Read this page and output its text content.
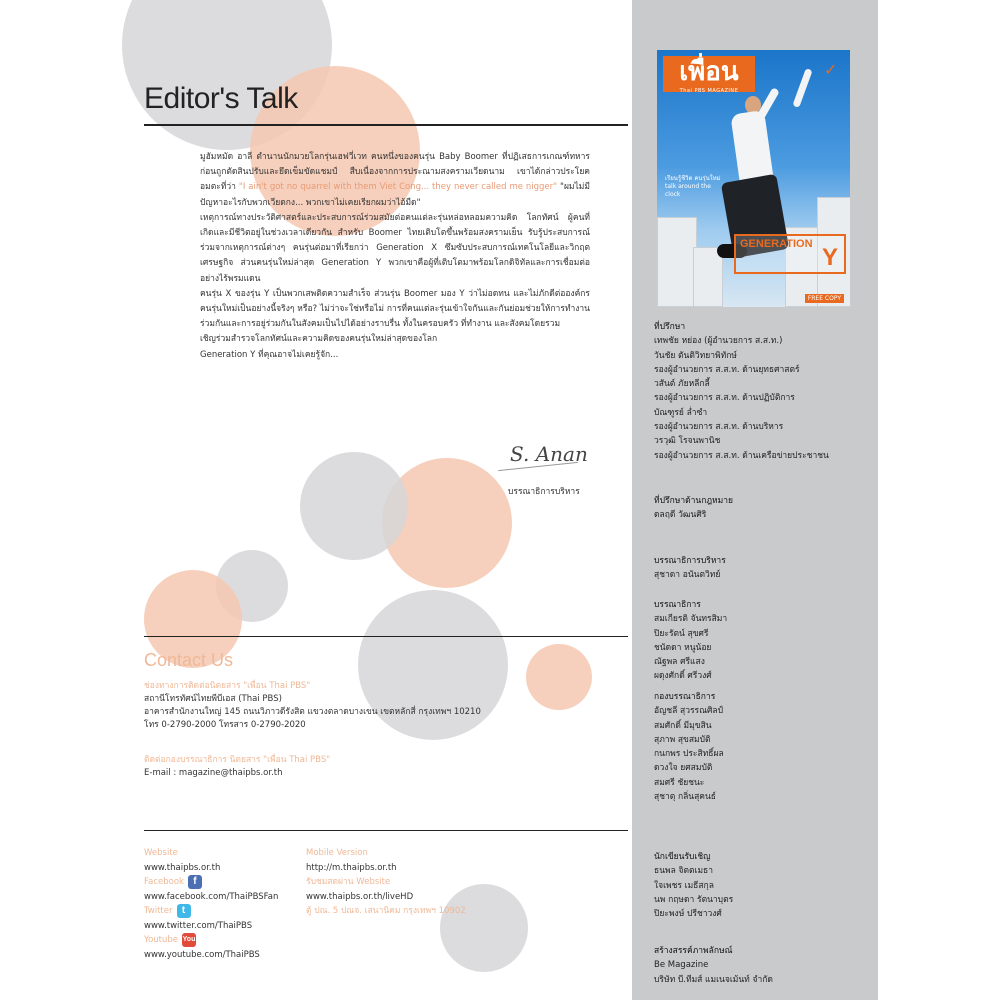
Editor's Talk

มูฮัมหมัด อาลี ตำนานนักมวยโลกรุ่นเฮฟวี่เวท คนหนึ่งของคนรุ่น Baby Boomer ที่ปฏิเสธการเกณฑ์ทหาร ก่อนถูกตัดสินปรับและยึดเข็มขัดแชมป์ สืบเนื่องจากการประณามสงครามเวียดนาม เขาได้กล่าวประโยคอมตะที่ว่า "I ain't got no quarrel with them Viet Cong... they never called me nigger" "ผมไม่มีปัญหาอะไรกับพวกเวียดกง... พวกเขาไม่เคยเรียกผมว่าไอ้มืด"

เหตุการณ์ทางประวัติศาสตร์และประสบการณ์ร่วมสมัยต่อคนแต่ละรุ่นหล่อหลอมความคิด โลกทัศน์ ผู้คนที่เกิดและมีชีวิตอยู่ในช่วงเวลาเดียวกัน สำหรับ Boomer ไทยเติบโตขึ้นพร้อมสงครามเย็น รับรู้ประสบการณ์ร่วมจากเหตุการณ์ต่างๆ คนรุ่นต่อมาที่เรียกว่า Generation X ซึมซับประสบการณ์เทคโนโลยีและวิกฤตเศรษฐกิจ ส่วนคนรุ่นใหม่ล่าสุด Generation Y พวกเขาคือผู้ที่เติบโตมาพร้อมโลกดิจิทัลและการเชื่อมต่ออย่างไร้พรมแดน

คนรุ่น X ของรุ่น Y เป็นพวกเสพติดความสำเร็จ ส่วนรุ่น Boomer มอง Y ว่าไม่อดทน และไม่ภักดีต่อองค์กร คนรุ่นใหม่เป็นอย่างนี้จริงๆ หรือ? ไม่ว่าจะใช่หรือไม่ การที่คนแต่ละรุ่นเข้าใจกันและกันย่อมช่วยให้การทำงานร่วมกันและการอยู่ร่วมกันในสังคมเป็นไปได้อย่างราบรื่น ทั้งในครอบครัว ที่ทำงาน และสังคมโดยรวม

เชิญร่วมสำรวจโลกทัศน์และความคิดของคนรุ่นใหม่ล่าสุดของโลก

Generation Y ที่คุณอาจไม่เคยรู้จัก...

S. Anan
บรรณาธิการบริหาร
Contact Us
ช่องทางการติดต่อนิตยสาร "เพื่อน Thai PBS"
สถานีโทรทัศน์ไทยพีบีเอส (Thai PBS)
อาคารสำนักงานใหญ่ 145 ถนนวิภาวดีรังสิต แขวงตลาดบางเขน เขตหลักสี่ กรุงเทพฯ 10210
โทร 0-2790-2000 โทรสาร 0-2790-2020
ติดต่อกองบรรณาธิการ นิตยสาร "เพื่อน Thai PBS"
E-mail : magazine@thaipbs.or.th
Website
www.thaipbs.or.th
Facebook f
www.facebook.com/ThaiPBSFan
Twitter t
www.twitter.com/ThaiPBS
Youtube You
www.youtube.com/ThaiPBS
Mobile Version
http://m.thaipbs.or.th
รับชมสดผ่าน Website
www.thaipbs.or.th/liveHD
ตู้ ปณ. 5 ปณจ. เสนานิคม กรุงเทพฯ 10902
เพื่อน
Thai PBS MAGAZINE
✓
เรียนรู้ชีวิต คนรุ่นใหม่ talk around the clock
GENERATION Y
FREE COPY
ที่ปรึกษา
เทพชัย หย่อง (ผู้อำนวยการ ส.ส.ท.)
วันชัย ตันติวิทยาพิทักษ์
รองผู้อำนวยการ ส.ส.ท. ด้านยุทธศาสตร์
วสันต์ ภัยหลีกลี้
รองผู้อำนวยการ ส.ส.ท. ด้านปฏิบัติการ
บัณฑูรย์ ล่ำซำ
รองผู้อำนวยการ ส.ส.ท. ด้านบริหาร
วรวุฒิ โรจนพานิช
รองผู้อำนวยการ ส.ส.ท. ด้านเครือข่ายประชาชน
ที่ปรึกษาด้านกฎหมาย
ดลฤดี วัฒนศิริ
บรรณาธิการบริหาร
สุชาดา อนันตวิทย์
บรรณาธิการ
สมเกียรติ จันทรสิมา
ปิยะรัตน์ สุขศรี
ชนัดดา หนูน้อย
ณัฐพล ศรีแสง
ผดุงศักดิ์ ศรีวงศ์
กองบรรณาธิการ
อัญชลี สุวรรณศิลป์
สมศักดิ์ มีมุขสิน
สุภาพ สุขสมบัติ
กนกพร ประสิทธิ์ผล
ดวงใจ ยศสมบัติ
สมศรี ชัยชนะ
สุชาตุ กลิ่นสุคนธ์
นักเขียนรับเชิญ
ธนพล จิตตเมธา
ใจเพชร เมธีสกุล
นพ กฤษดา รัตนาบุตร
ปิยะพงษ์ ปรีชาวงศ์
สร้างสรรค์ภาพลักษณ์
Be Magazine
บริษัท บี.ทีมส์ แมเนจเม้นท์ จำกัด
